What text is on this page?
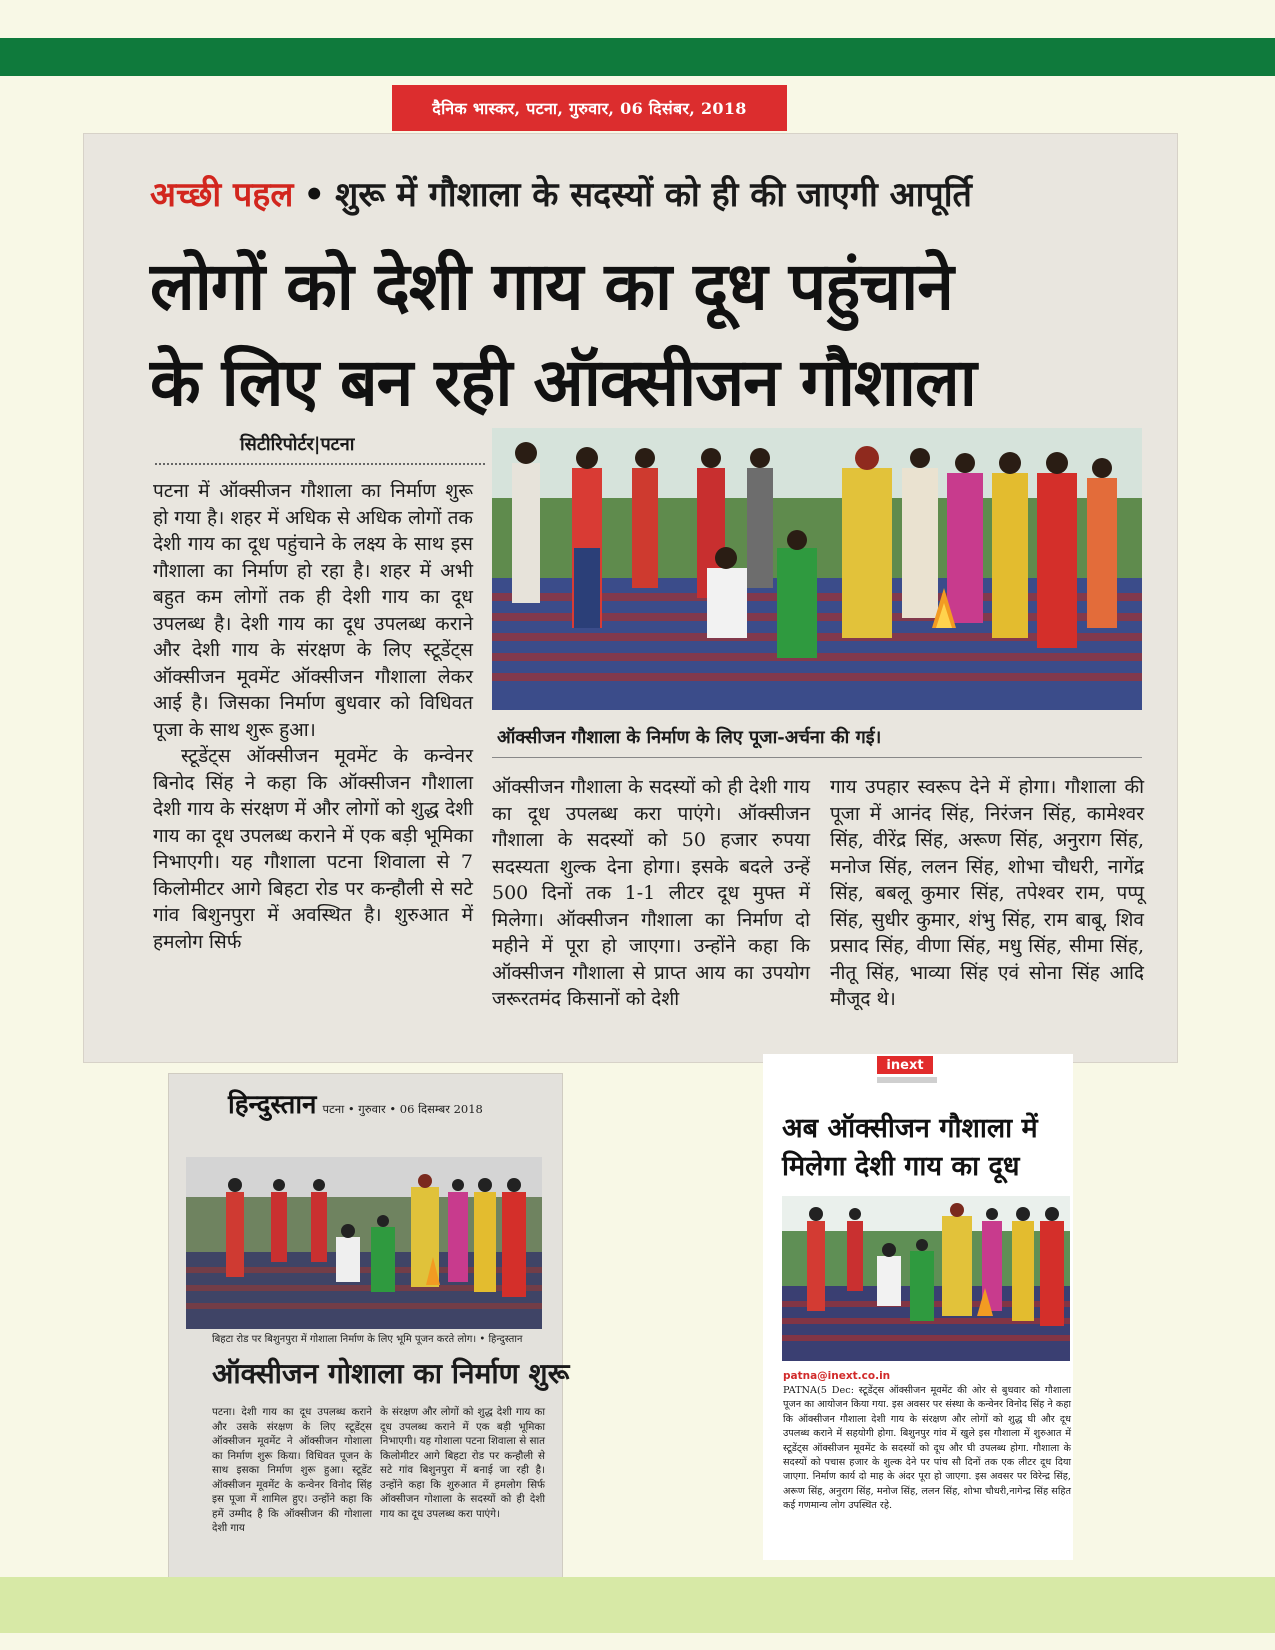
दैनिक भास्कर, पटना, गुरुवार, 06 दिसंबर, 2018
अच्छी पहल • शुरू में गौशाला के सदस्यों को ही की जाएगी आपूर्ति
लोगों को देशी गाय का दूध पहुंचाने
के लिए बन रही ऑक्सीजन गौशाला
सिटीरिपोर्टर|पटना

पटना में ऑक्सीजन गौशाला का निर्माण शुरू हो गया है। शहर में अधिक से अधिक लोगों तक देशी गाय का दूध पहुंचाने के लक्ष्य के साथ इस गौशाला का निर्माण हो रहा है। शहर में अभी बहुत कम लोगों तक ही देशी गाय का दूध उपलब्ध है। देशी गाय का दूध उपलब्ध कराने और देशी गाय के संरक्षण के लिए स्टूडेंट्स ऑक्सीजन मूवमेंट ऑक्सीजन गौशाला लेकर आई है। जिसका निर्माण बुधवार को विधिवत पूजा के साथ शुरू हुआ।

स्टूडेंट्स ऑक्सीजन मूवमेंट के कन्वेनर बिनोद सिंह ने कहा कि ऑक्सीजन गौशाला देशी गाय के संरक्षण में और लोगों को शुद्ध देशी गाय का दूध उपलब्ध कराने में एक बड़ी भूमिका निभाएगी। यह गौशाला पटना शिवाला से 7 किलोमीटर आगे बिहटा रोड पर कन्हौली से सटे गांव बिशुनपुरा में अवस्थित है। शुरुआत में हमलोग सिर्फ

ऑक्सीजन गौशाला के निर्माण के लिए पूजा-अर्चना की गई।

ऑक्सीजन गौशाला के सदस्यों को ही देशी गाय का दूध उपलब्ध करा पाएंगे। ऑक्सीजन गौशाला के सदस्यों को 50 हजार रुपया सदस्यता शुल्क देना होगा। इसके बदले उन्हें 500 दिनों तक 1-1 लीटर दूध मुफ्त में मिलेगा। ऑक्सीजन गौशाला का निर्माण दो महीने में पूरा हो जाएगा। उन्होंने कहा कि ऑक्सीजन गौशाला से प्राप्त आय का उपयोग जरूरतमंद किसानों को देशी

गाय उपहार स्वरूप देने में होगा। गौशाला की पूजा में आनंद सिंह, निरंजन सिंह, कामेश्वर सिंह, वीरेंद्र सिंह, अरूण सिंह, अनुराग सिंह, मनोज सिंह, ललन सिंह, शोभा चौधरी, नागेंद्र सिंह, बबलू कुमार सिंह, तपेश्वर राम, पप्पू सिंह, सुधीर कुमार, शंभु सिंह, राम बाबू, शिव प्रसाद सिंह, वीणा सिंह, मधु सिंह, सीमा सिंह, नीतू सिंह, भाव्या सिंह एवं सोना सिंह आदि मौजूद थे।

हिन्दुस्तान पटना • गुरुवार • 06 दिसम्बर 2018
बिहटा रोड पर बिशुनपुरा में गोशाला निर्माण के लिए भूमि पूजन करते लोग। • हिन्दुस्तान
ऑक्सीजन गोशाला का निर्माण शुरू
पटना। देशी गाय का दूध उपलब्ध कराने और उसके संरक्षण के लिए स्टूडेंट्स ऑक्सीजन मूवमेंट ने ऑक्सीजन गोशाला का निर्माण शुरू किया। विधिवत पूजन के साथ इसका निर्माण शुरू हुआ। स्टूडेंट ऑक्सीजन मूवमेंट के कन्वेनर विनोद सिंह इस पूजा में शामिल हुए। उन्होंने कहा कि हमें उम्मीद है कि ऑक्सीजन की गोशाला देशी गाय
के संरक्षण और लोगों को शुद्ध देशी गाय का दूध उपलब्ध कराने में एक बड़ी भूमिका निभाएगी। यह गोशाला पटना शिवाला से सात किलोमीटर आगे बिहटा रोड पर कन्हौली से सटे गांव बिशुनपुरा में बनाई जा रही है। उन्होंने कहा कि शुरुआत में हमलोग सिर्फ ऑक्सीजन गोशाला के सदस्यों को ही देशी गाय का दूध उपलब्ध करा पाएंगे।
inext
अब ऑक्सीजन गौशाला में
मिलेगा देशी गाय का दूध
patna@inext.co.in
PATNA(5 Dec: स्टूडेंट्स ऑक्सीजन मूवमेंट की ओर से बुधवार को गौशाला पूजन का आयोजन किया गया. इस अवसर पर संस्था के कन्वेनर विनोद सिंह ने कहा कि ऑक्सीजन गौशाला देशी गाय के संरक्षण और लोगों को शुद्ध घी और दूध उपलब्ध कराने में सहयोगी होगा. बिशुनपुर गांव में खुले इस गौशाला में शुरुआत में स्टूडेंट्स ऑक्सीजन मूवमेंट के सदस्यों को दूध और घी उपलब्ध होगा. गौशाला के सदस्यों को पचास हजार के शुल्क देने पर पांच सौ दिनों तक एक लीटर दूध दिया जाएगा. निर्माण कार्य दो माह के अंदर पूरा हो जाएगा. इस अवसर पर विरेन्द्र सिंह, अरूण सिंह, अनुराग सिंह, मनोज सिंह, ललन सिंह, शोभा चौधरी,नागेन्द्र सिंह सहित कई गणमान्य लोग उपस्थित रहे.
